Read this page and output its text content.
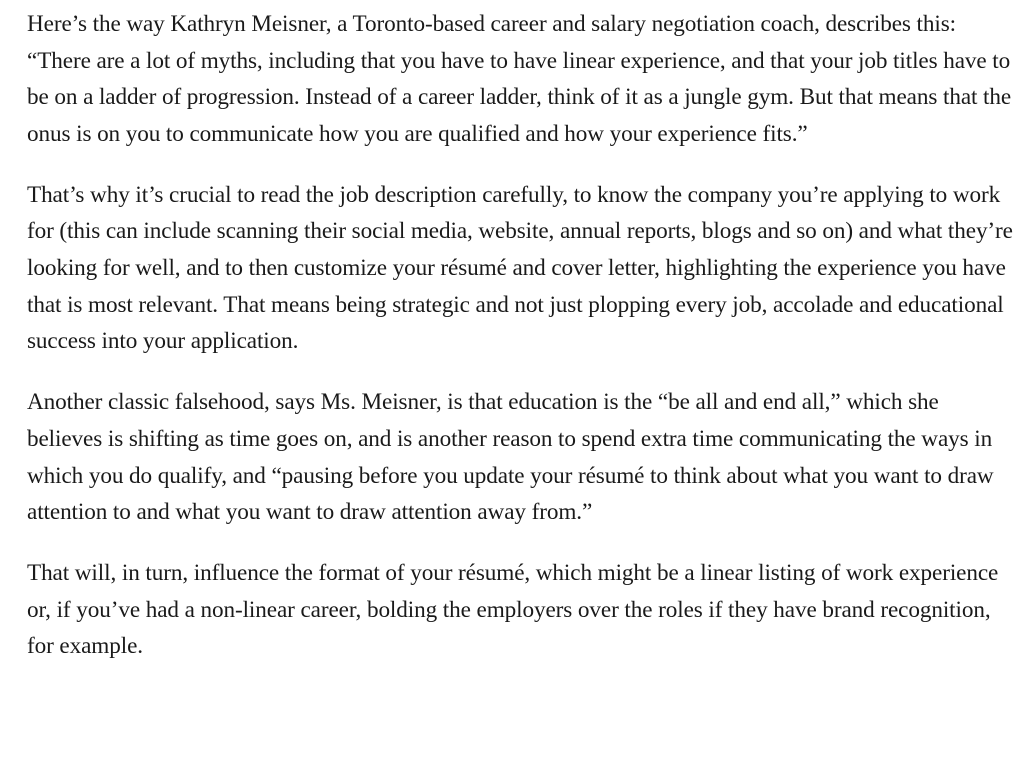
Here’s the way Kathryn Meisner, a Toronto-based career and salary negotiation coach, describes this: “There are a lot of myths, including that you have to have linear experience, and that your job titles have to be on a ladder of progression. Instead of a career ladder, think of it as a jungle gym. But that means that the onus is on you to communicate how you are qualified and how your experience fits.”

That’s why it’s crucial to read the job description carefully, to know the company you’re applying to work for (this can include scanning their social media, website, annual reports, blogs and so on) and what they’re looking for well, and to then customize your résumé and cover letter, highlighting the experience you have that is most relevant. That means being strategic and not just plopping every job, accolade and educational success into your application.

Another classic falsehood, says Ms. Meisner, is that education is the “be all and end all,” which she believes is shifting as time goes on, and is another reason to spend extra time communicating the ways in which you do qualify, and “pausing before you update your résumé to think about what you want to draw attention to and what you want to draw attention away from.”

That will, in turn, influence the format of your résumé, which might be a linear listing of work experience or, if you’ve had a non-linear career, bolding the employers over the roles if they have brand recognition, for example.
